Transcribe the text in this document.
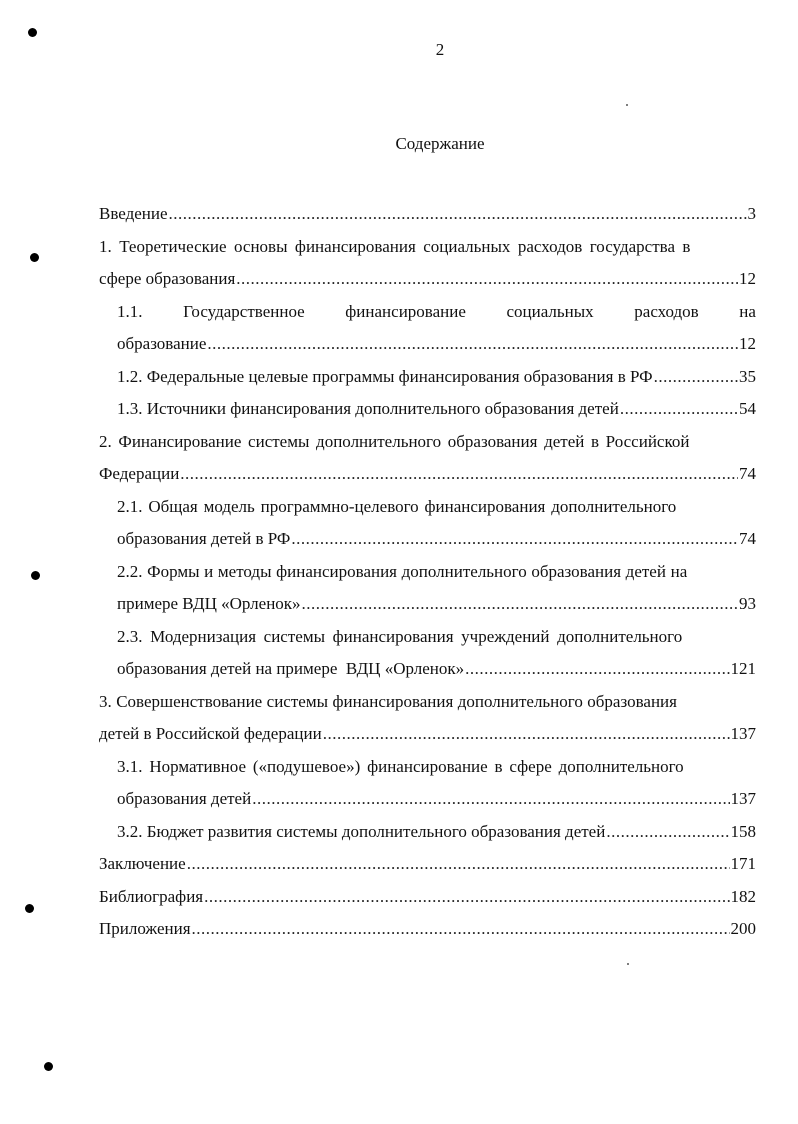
2
Содержание
Введение .....	3
1. Теоретические основы финансирования социальных расходов государства в
сфере образования .....	12
1.1. Государственное финансирование социальных расходов на
образование .....	12
1.2. Федеральные целевые программы финансирования образования в РФ .....	35
1.3. Источники финансирования дополнительного образования детей .....	54
2. Финансирование системы дополнительного образования детей в Российской
Федерации .....	74
2.1. Общая модель программно-целевого финансирования дополнительного
образования детей в РФ .....	74
2.2. Формы и методы финансирования дополнительного образования детей на
примере ВДЦ «Орленок» .....	93
2.3. Модернизация системы финансирования учреждений дополнительного
образования детей на примере  ВДЦ «Орленок» .....	121
3. Совершенствование системы финансирования дополнительного образования
детей в Российской федерации .....	137
3.1. Нормативное («подушевое») финансирование в сфере дополнительного
образования детей .....	137
3.2. Бюджет развития системы дополнительного образования детей .....	158
Заключение .....	171
Библиография .....	182
Приложения .....	200
